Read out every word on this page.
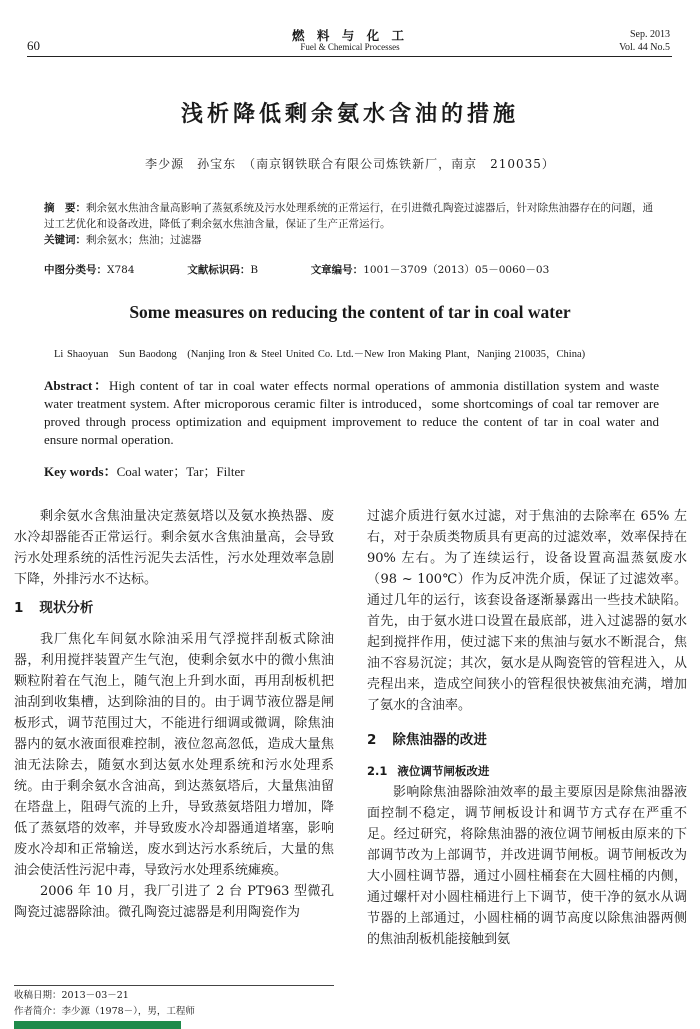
60
燃 料 与 化 工
Fuel & Chemical Processes
Sep. 2013
Vol. 44 No.5
浅析降低剩余氨水含油的措施
李少源　孙宝东　（南京钢铁联合有限公司炼铁新厂，南京　210035）
摘　要：剩余氨水焦油含量高影响了蒸氨系统及污水处理系统的正常运行，在引进微孔陶瓷过滤器后，针对除焦油器存在的问题，通过工艺优化和设备改进，降低了剩余氨水焦油含量，保证了生产正常运行。
关键词：剩余氨水；焦油；过滤器
中图分类号：X784	文献标识码：B	文章编号：1001－3709（2013）05－0060－03
Some measures on reducing the content of tar in coal water
Li Shaoyuan　Sun Baodong　(Nanjing Iron & Steel United Co. Ltd.－New Iron Making Plant，Nanjing 210035，China)
Abstract：High content of tar in coal water effects normal operations of ammonia distillation system and waste water treatment system. After microporous ceramic filter is introduced，some shortcomings of coal tar remover are proved through process optimization and equipment improvement to reduce the content of tar in coal water and ensure normal operation.
Key words：Coal water；Tar；Filter

剩余氨水含焦油量决定蒸氨塔以及氨水换热器、废水冷却器能否正常运行。剩余氨水含焦油量高，会导致污水处理系统的活性污泥失去活性，污水处理效率急剧下降，外排污水不达标。

1 现状分析

我厂焦化车间氨水除油采用气浮搅拌刮板式除油器，利用搅拌装置产生气泡，使剩余氨水中的微小焦油颗粒附着在气泡上，随气泡上升到水面，再用刮板机把油刮到收集槽，达到除油的目的。由于调节液位器是闸板形式，调节范围过大，不能进行细调或微调，除焦油器内的氨水液面很难控制，液位忽高忽低，造成大量焦油无法除去，随氨水到达氨水处理系统和污水处理系统。由于剩余氨水含油高，到达蒸氨塔后，大量焦油留在塔盘上，阻碍气流的上升，导致蒸氨塔阻力增加，降低了蒸氨塔的效率，并导致废水冷却器通道堵塞，影响废水冷却和正常输送，废水到达污水系统后，大量的焦油会使活性污泥中毒，导致污水处理系统瘫痪。

2006 年 10 月，我厂引进了 2 台 PT963 型微孔陶瓷过滤器除油。微孔陶瓷过滤器是利用陶瓷作为

过滤介质进行氨水过滤，对于焦油的去除率在 65% 左右，对于杂质类物质具有更高的过滤效率，效率保持在 90% 左右。为了连续运行，设备设置高温蒸氨废水（98 ~ 100℃）作为反冲洗介质，保证了过滤效率。通过几年的运行，该套设备逐渐暴露出一些技术缺陷。首先，由于氨水进口设置在最底部，进入过滤器的氨水起到搅拌作用，使过滤下来的焦油与氨水不断混合，焦油不容易沉淀；其次，氨水是从陶瓷管的管程进入，从壳程出来，造成空间狭小的管程很快被焦油充满，增加了氨水的含油率。

2 除焦油器的改进
2.1 液位调节闸板改进

影响除焦油器除油效率的最主要原因是除焦油器液面控制不稳定，调节闸板设计和调节方式存在严重不足。经过研究，将除焦油器的液位调节闸板由原来的下部调节改为上部调节，并改进调节闸板。调节闸板改为大小圆柱调节器，通过小圆柱桶套在大圆柱桶的内侧，通过螺杆对小圆柱桶进行上下调节，使干净的氨水从调节器的上部通过，小圆柱桶的调节高度以除焦油器两侧的焦油刮板机能接触到氨

收稿日期：2013－03－21
作者简介：李少源（1978－），男，工程师
